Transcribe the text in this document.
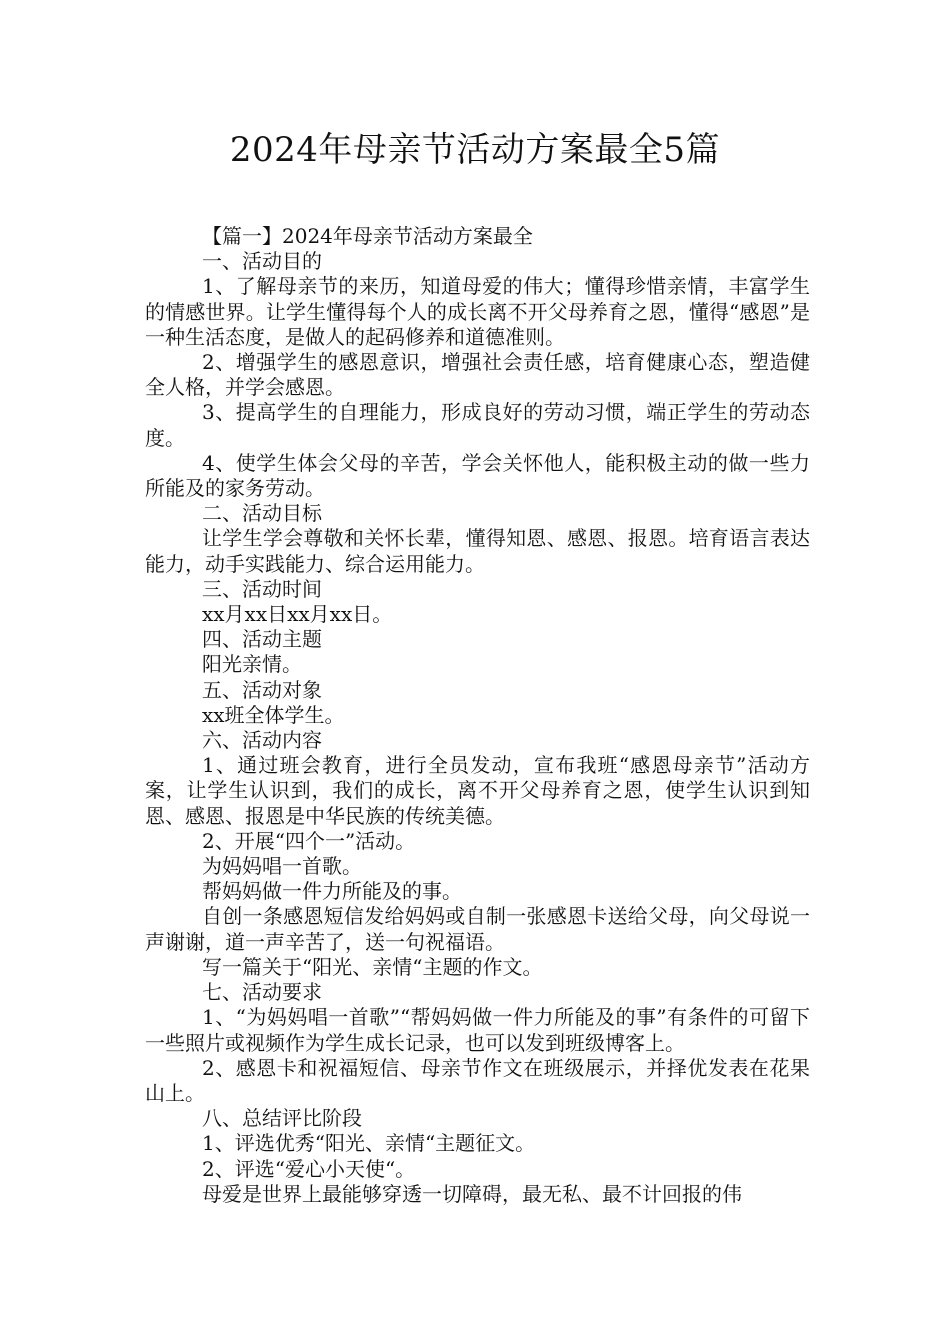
2024年母亲节活动方案最全5篇

【篇一】2024年母亲节活动方案最全

一、活动目的

1、了解母亲节的来历，知道母爱的伟大；懂得珍惜亲情，丰富学生的情感世界。让学生懂得每个人的成长离不开父母养育之恩，懂得“感恩”是一种生活态度，是做人的起码修养和道德准则。

2、增强学生的感恩意识，增强社会责任感，培育健康心态，塑造健全人格，并学会感恩。

3、提高学生的自理能力，形成良好的劳动习惯，端正学生的劳动态度。

4、使学生体会父母的辛苦，学会关怀他人，能积极主动的做一些力所能及的家务劳动。

二、活动目标

让学生学会尊敬和关怀长辈，懂得知恩、感恩、报恩。培育语言表达能力，动手实践能力、综合运用能力。

三、活动时间

xx月xx日xx月xx日。

四、活动主题

阳光亲情。

五、活动对象

xx班全体学生。

六、活动内容

1、通过班会教育，进行全员发动，宣布我班“感恩母亲节”活动方案，让学生认识到，我们的成长，离不开父母养育之恩，使学生认识到知恩、感恩、报恩是中华民族的传统美德。

2、开展“四个一”活动。

为妈妈唱一首歌。

帮妈妈做一件力所能及的事。

自创一条感恩短信发给妈妈或自制一张感恩卡送给父母，向父母说一声谢谢，道一声辛苦了，送一句祝福语。

写一篇关于“阳光、亲情“主题的作文。

七、活动要求

1、“为妈妈唱一首歌”“帮妈妈做一件力所能及的事”有条件的可留下一些照片或视频作为学生成长记录，也可以发到班级博客上。

2、感恩卡和祝福短信、母亲节作文在班级展示，并择优发表在花果山上。

八、总结评比阶段

1、评选优秀“阳光、亲情“主题征文。

2、评选“爱心小天使“。

母爱是世界上最能够穿透一切障碍，最无私、最不计回报的伟
